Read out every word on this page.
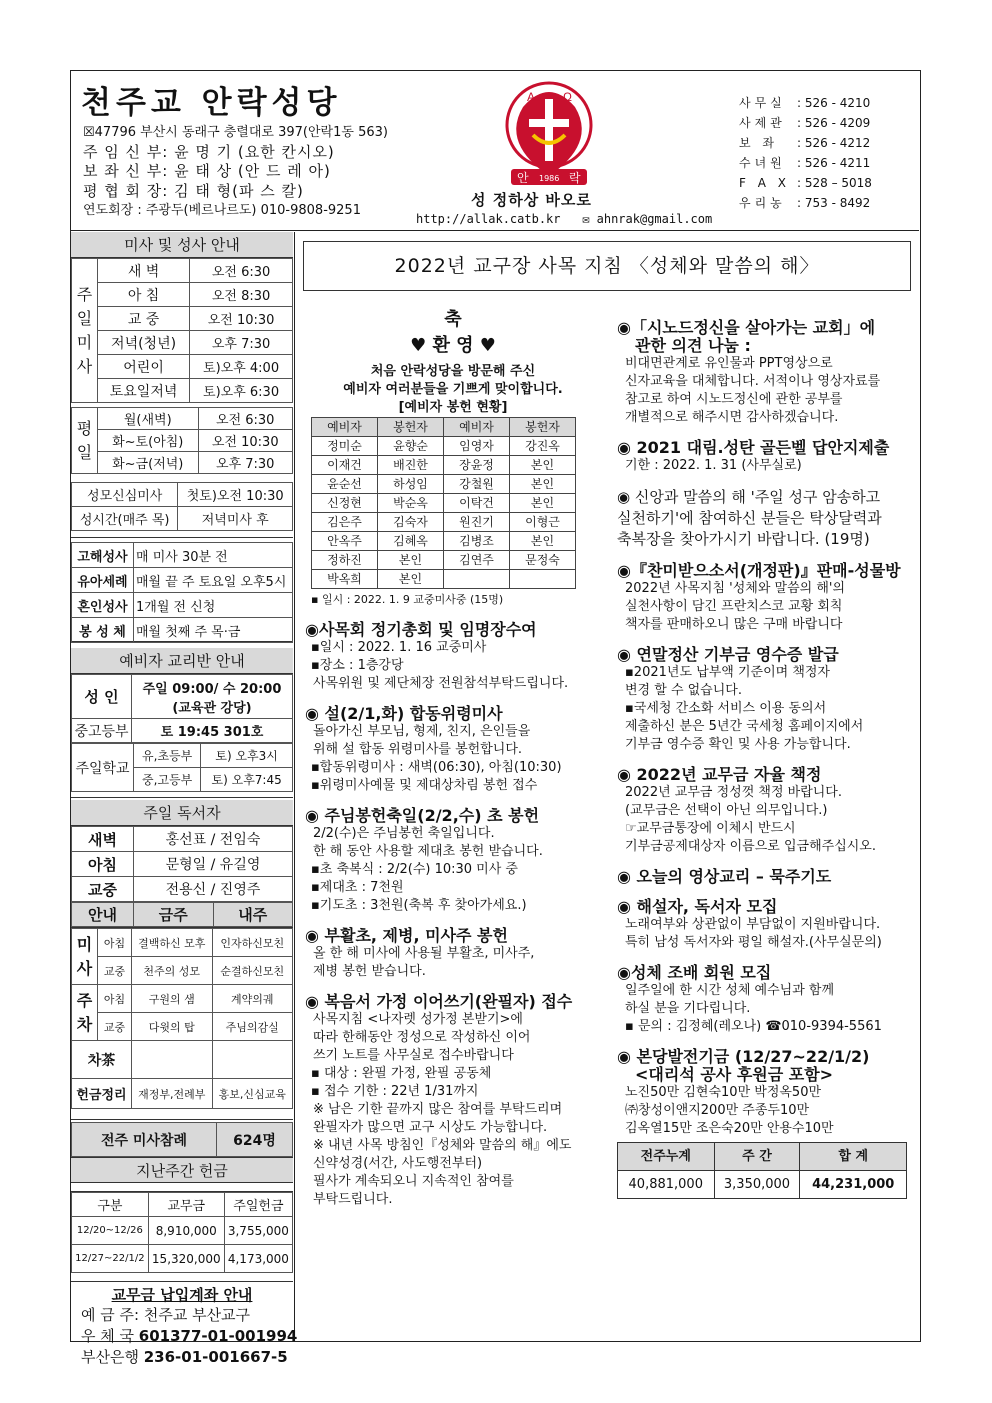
천주교 안락성당
☒47796 부산시 동래구 충렬대로 397(안락1동 563)
주 임 신 부: 윤 명 기 (요한 칸시오)
보 좌 신 부: 윤 태 상 (안 드 레 아)
평 협 회 장: 김 태 형(파 스 칼)
연도회장 : 주광두(베르나르도) 010-9808-9251
A Ω
안 1986 락
성 정하상 바오로
http://allak.catb.kr ✉ ahnrak@gmail.com
사무실 : 526 - 4210
사제관 : 526 - 4209
보 좌 : 526 - 4212
수녀원 : 526 - 4211
F A X : 528 – 5018
우리농 : 753 - 8492
미사 및 성사 안내
주
일
미
사	새 벽	오전 6:30
	아 침	오전 8:30
	교 중	오전 10:30
	저녁(청년)	오후 7:30
	어린이	토)오후 4:00
	토요일저녁	토)오후 6:30
평
일	월(새벽)	오전 6:30
	화~토(아침)	오전 10:30
	화~금(저녁)	오후 7:30
성모신심미사	첫토)오전 10:30
성시간(매주 목)	저녁미사 후
고해성사	매 미사 30분 전
유아세례	매월 끝 주 토요일 오후5시
혼인성사	1개월 전 신청
봉 성 체	매월 첫째 주 목·금
예비자 교리반 안내
성 인	주일 09:00/ 수 20:00
(교육관 강당)

중고등부	토 19:45 301호
주일학교	유,초등부	토) 오후3시
	중,고등부	토) 오후7:45
주일 독서자
새벽	홍선표 / 전임숙
아침	문형일 / 유길영
교중	전용신 / 진영주
안내	금주	내주
미
사	아침	결백하신 모후	인자하신모친
	교중	천주의 성모	순결하신모친
주
차	아침	구원의 샘	계약의궤
	교중	다윗의 탑	주님의감실
차茶			
헌금정리		재정부,전례부	홍보,신심교육
전주 미사참례	624명
지난주간 헌금
구분	교무금	주일헌금
12/20~12/26	8,910,000	3,755,000
12/27~22/1/2	15,320,000	4,173,000
교무금 납입계좌 안내
예 금 주: 천주교 부산교구
우 체 국 601377-01-001994
부산은행 236-01-001667-5
2022년 교구장 사목 지침 〈성체와 말씀의 해〉
축
♥ 환 영 ♥
처음 안락성당을 방문해 주신
예비자 여러분들을 기쁘게 맞이합니다.
[예비자 봉헌 현황]
예비자	봉헌자	예비자	봉헌자
정미순	윤향순	임영자	강진옥
이재건	배진한	장윤정	본인
윤순선	하성임	강철원	본인
신정현	박순옥	이탁건	본인
김은주	김숙자	원진기	이형근
안옥주	김혜옥	김병조	본인
정하진	본인	김연주	문정숙
박옥희	본인		
▪ 일시 : 2022. 1. 9 교중미사중 (15명)
◉사목회 정기총회 및 임명장수여
▪일시 : 2022. 1. 16 교중미사
▪장소 : 1층강당
사목위원 및 제단체장 전원참석부탁드립니다.
◉ 설(2/1,화) 합동위령미사
돌아가신 부모님, 형제, 친지, 은인들을
위해 설 합동 위령미사를 봉헌합니다.
▪합동위령미사 : 새벽(06:30), 아침(10:30)
▪위령미사예물 및 제대상차림 봉헌 접수
◉ 주님봉헌축일(2/2,수) 초 봉헌
2/2(수)은 주님봉헌 축일입니다.
한 해 동안 사용할 제대초 봉헌 받습니다.
▪초 축복식 : 2/2(수) 10:30 미사 중
▪제대초 : 7천원
▪기도초 : 3천원(축복 후 찾아가세요.)
◉ 부활초, 제병, 미사주 봉헌
올 한 해 미사에 사용될 부활초, 미사주,
제병 봉헌 받습니다.
◉ 복음서 가정 이어쓰기(완필자) 접수
사목지침 <나자렛 성가정 본받기>에
따라 한해동안 정성으로 작성하신 이어
쓰기 노트를 사무실로 접수바랍니다
▪ 대상 : 완필 가정, 완필 공동체
▪ 접수 기한 : 22년 1/31까지
※ 남은 기한 끝까지 많은 참여를 부탁드리며
완필자가 많으면 교구 시상도 가능합니다.
※ 내년 사목 방침인『성체와 말씀의 해』에도
신약성경(서간, 사도행전부터)
필사가 계속되오니 지속적인 참여를
부탁드립니다.
◉「시노드정신을 살아가는 교회」에
관한 의견 나눔 :
비대면관계로 유인물과 PPT영상으로
신자교육을 대체합니다. 서적이나 영상자료를
참고로 하여 시노드정신에 관한 공부를
개별적으로 해주시면 감사하겠습니다.
◉ 2021 대림.성탄 골든벨 답안지제출
기한 : 2022. 1. 31 (사무실로)
◉ 신앙과 말씀의 해 '주일 성구 암송하고
실천하기'에 참여하신 분들은 탁상달력과
축복장을 찾아가시기 바랍니다. (19명)
◉『찬미받으소서(개정판)』판매-성물방
2022년 사목지침 '성체와 말씀의 해'의
실천사항이 담긴 프란치스코 교황 회칙
책자를 판매하오니 많은 구매 바랍니다
◉ 연말정산 기부금 영수증 발급
▪2021년도 납부액 기준이며 책정자
변경 할 수 없습니다.
▪국세청 간소화 서비스 이용 동의서
제출하신 분은 5년간 국세청 홈페이지에서
기부금 영수증 확인 및 사용 가능합니다.
◉ 2022년 교무금 자율 책정
2022년 교무금 정성껏 책정 바랍니다.
(교무금은 선택이 아닌 의무입니다.)
☞교무금통장에 이체시 반드시
기부금공제대상자 이름으로 입금해주십시오.
◉ 오늘의 영상교리 – 묵주기도
◉ 해설자, 독서자 모집
노래여부와 상관없이 부담없이 지원바랍니다.
특히 남성 독서자와 평일 해설자.(사무실문의)
◉성체 조배 회원 모집
일주일에 한 시간 성체 예수님과 함께
하실 분을 기다립니다.
▪ 문의 : 김정혜(레오나) ☎010-9394-5561
◉ 본당발전기금 (12/27~22/1/2)
<대리석 공사 후원금 포함>
노진50만 김현숙10만 박정옥50만
㈜창성이앤지200만 주종두10만
김옥열15만 조은숙20만 안용수10만
전주누계	주 간	합 계
40,881,000	3,350,000	44,231,000
